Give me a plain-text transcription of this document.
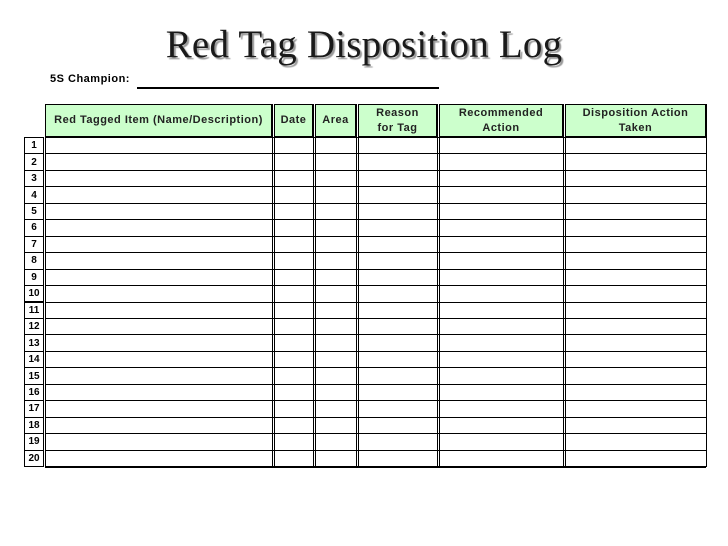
Red Tag Disposition Log
5S Champion:
Red Tagged Item (Name/Description) Date Area
Reason for Tag
Recommended Action
Disposition Action Taken
1
2
3
4
5
6
7
8
9
10
11
12
13
14
15
16
17
18
19
20
